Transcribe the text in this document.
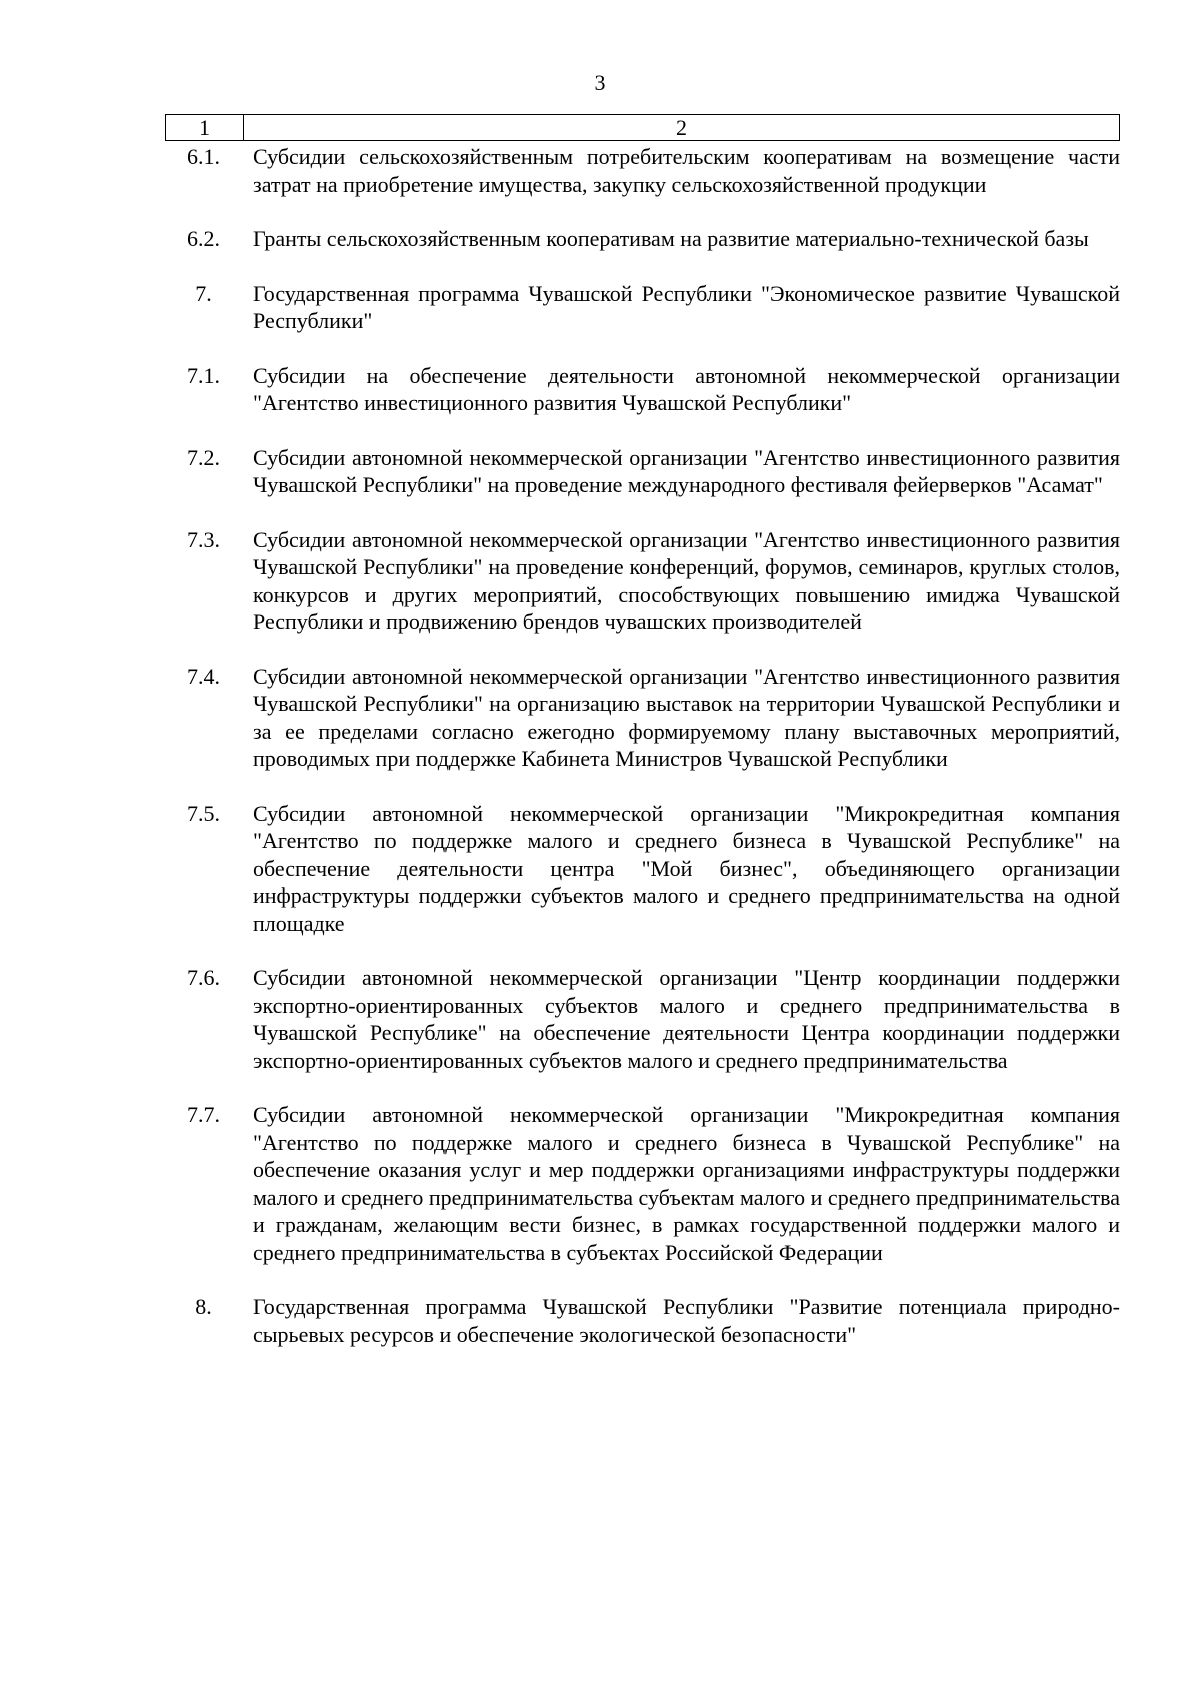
3
1	2
6.1.	Субсидии сельскохозяйственным потребительским кооперативам на возмещение части затрат на приобретение имущества, закупку сельскохозяйственной продукции
6.2.	Гранты сельскохозяйственным кооперативам на развитие материально-технической базы
7.	Государственная программа Чувашской Республики "Экономическое развитие Чувашской Республики"
7.1.	Субсидии на обеспечение деятельности автономной некоммерческой организации "Агентство инвестиционного развития Чувашской Республики"
7.2.	Субсидии автономной некоммерческой организации "Агентство инвестиционного развития Чувашской Республики" на проведение международного фестиваля фейерверков "Асамат"
7.3.	Субсидии автономной некоммерческой организации "Агентство инвестиционного развития Чувашской Республики" на проведение конференций, форумов, семинаров, круглых столов, конкурсов и других мероприятий, способствующих повышению имиджа Чувашской Республики и продвижению брендов чувашских производителей
7.4.	Субсидии автономной некоммерческой организации "Агентство инвестиционного развития Чувашской Республики" на организацию выставок на территории Чувашской Республики и за ее пределами согласно ежегодно формируемому плану выставочных мероприятий, проводимых при поддержке Кабинета Министров Чувашской Республики
7.5.	Субсидии автономной некоммерческой организации "Микрокредитная компания "Агентство по поддержке малого и среднего бизнеса в Чувашской Республике" на обеспечение деятельности центра "Мой бизнес", объединяющего организации инфраструктуры поддержки субъектов малого и среднего предпринимательства на одной площадке
7.6.	Субсидии автономной некоммерческой организации "Центр координации поддержки экспортно-ориентированных субъектов малого и среднего предпринимательства в Чувашской Республике" на обеспечение деятельности Центра координации поддержки экспортно-ориентированных субъектов малого и среднего предпринимательства
7.7.	Субсидии автономной некоммерческой организации "Микрокредитная компания "Агентство по поддержке малого и среднего бизнеса в Чувашской Республике" на обеспечение оказания услуг и мер поддержки организациями инфраструктуры поддержки малого и среднего предпринимательства субъектам малого и среднего предпринимательства и гражданам, желающим вести бизнес, в рамках государственной поддержки малого и среднего предпринимательства в субъектах Российской Федерации
8.	Государственная программа Чувашской Республики "Развитие потенциала природно-сырьевых ресурсов и обеспечение экологической безопасности"
